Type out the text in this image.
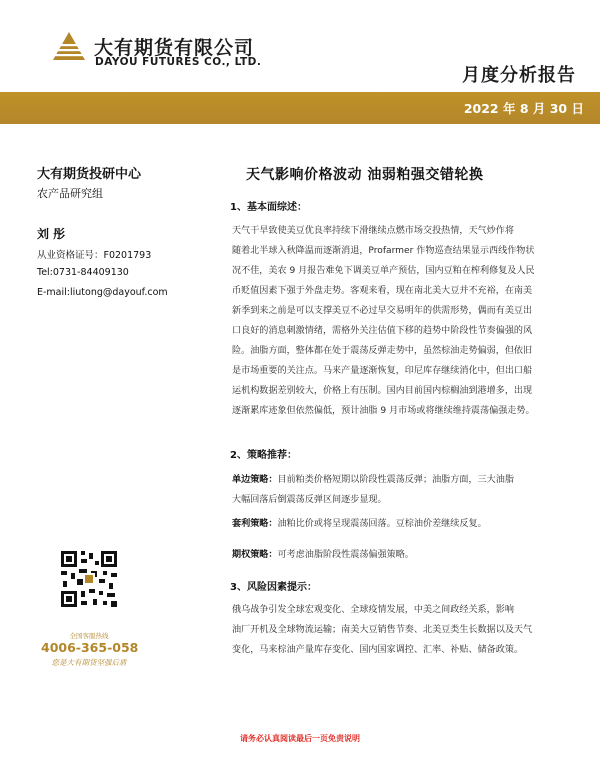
大有期货有限公司
DAYOU FUTURES CO., LTD.
月度分析报告
2022 年 8 月 30 日
大有期货投研中心
农产品研究组
刘 彤
从业资格证号：F0201793
Tel:0731-84409130
E-mail:liutong@dayouf.com
全国客服热线
4006-365-058
您是大有期货坚强后盾
天气影响价格波动 油弱粕强交错轮换
1、基本面综述：
天气干旱致使美豆优良率持续下滑继续点燃市场交投热情，天气炒作将
随着北半球入秋降温而逐渐消退，Profarmer 作物巡查结果显示西线作物状
况不佳，美农 9 月报告难免下调美豆单产预估，国内豆粕在榨利修复及人民
币贬值因素下强于外盘走势。客观来看，现在南北美大豆并不充裕，在南美
新季到来之前是可以支撑美豆不必过早交易明年的供需形势，偶而有美豆出
口良好的消息刺激情绪，需格外关注估值下移的趋势中阶段性节奏偏强的风
险。油脂方面，整体都在处于震荡反弹走势中，虽然棕油走势偏弱，但依旧
是市场重要的关注点。马来产量逐渐恢复，印尼库存继续消化中，但出口船
运机构数据差别较大，价格上有压制。国内目前国内棕榈油到港增多，出现
逐渐累库迹象但依然偏低，预计油脂 9 月市场或将继续维持震荡偏强走势。
2、策略推荐：
单边策略：目前粕类价格短期以阶段性震荡反弹；油脂方面，三大油脂
大幅回落后倒震荡反弹区间逐步显现。
套利策略：油粕比价或将呈现震荡回落。豆棕油价差继续反复。
期权策略：可考虑油脂阶段性震荡偏强策略。
3、风险因素提示：
俄乌战争引发全球宏观变化、全球疫情发展，中美之间政经关系，影响
油厂开机及全球物流运输；南美大豆销售节奏、北美豆类生长数据以及天气
变化，马来棕油产量库存变化、国内国家调控、汇率、补贴、储备政策。
请务必认真阅读最后一页免责说明
